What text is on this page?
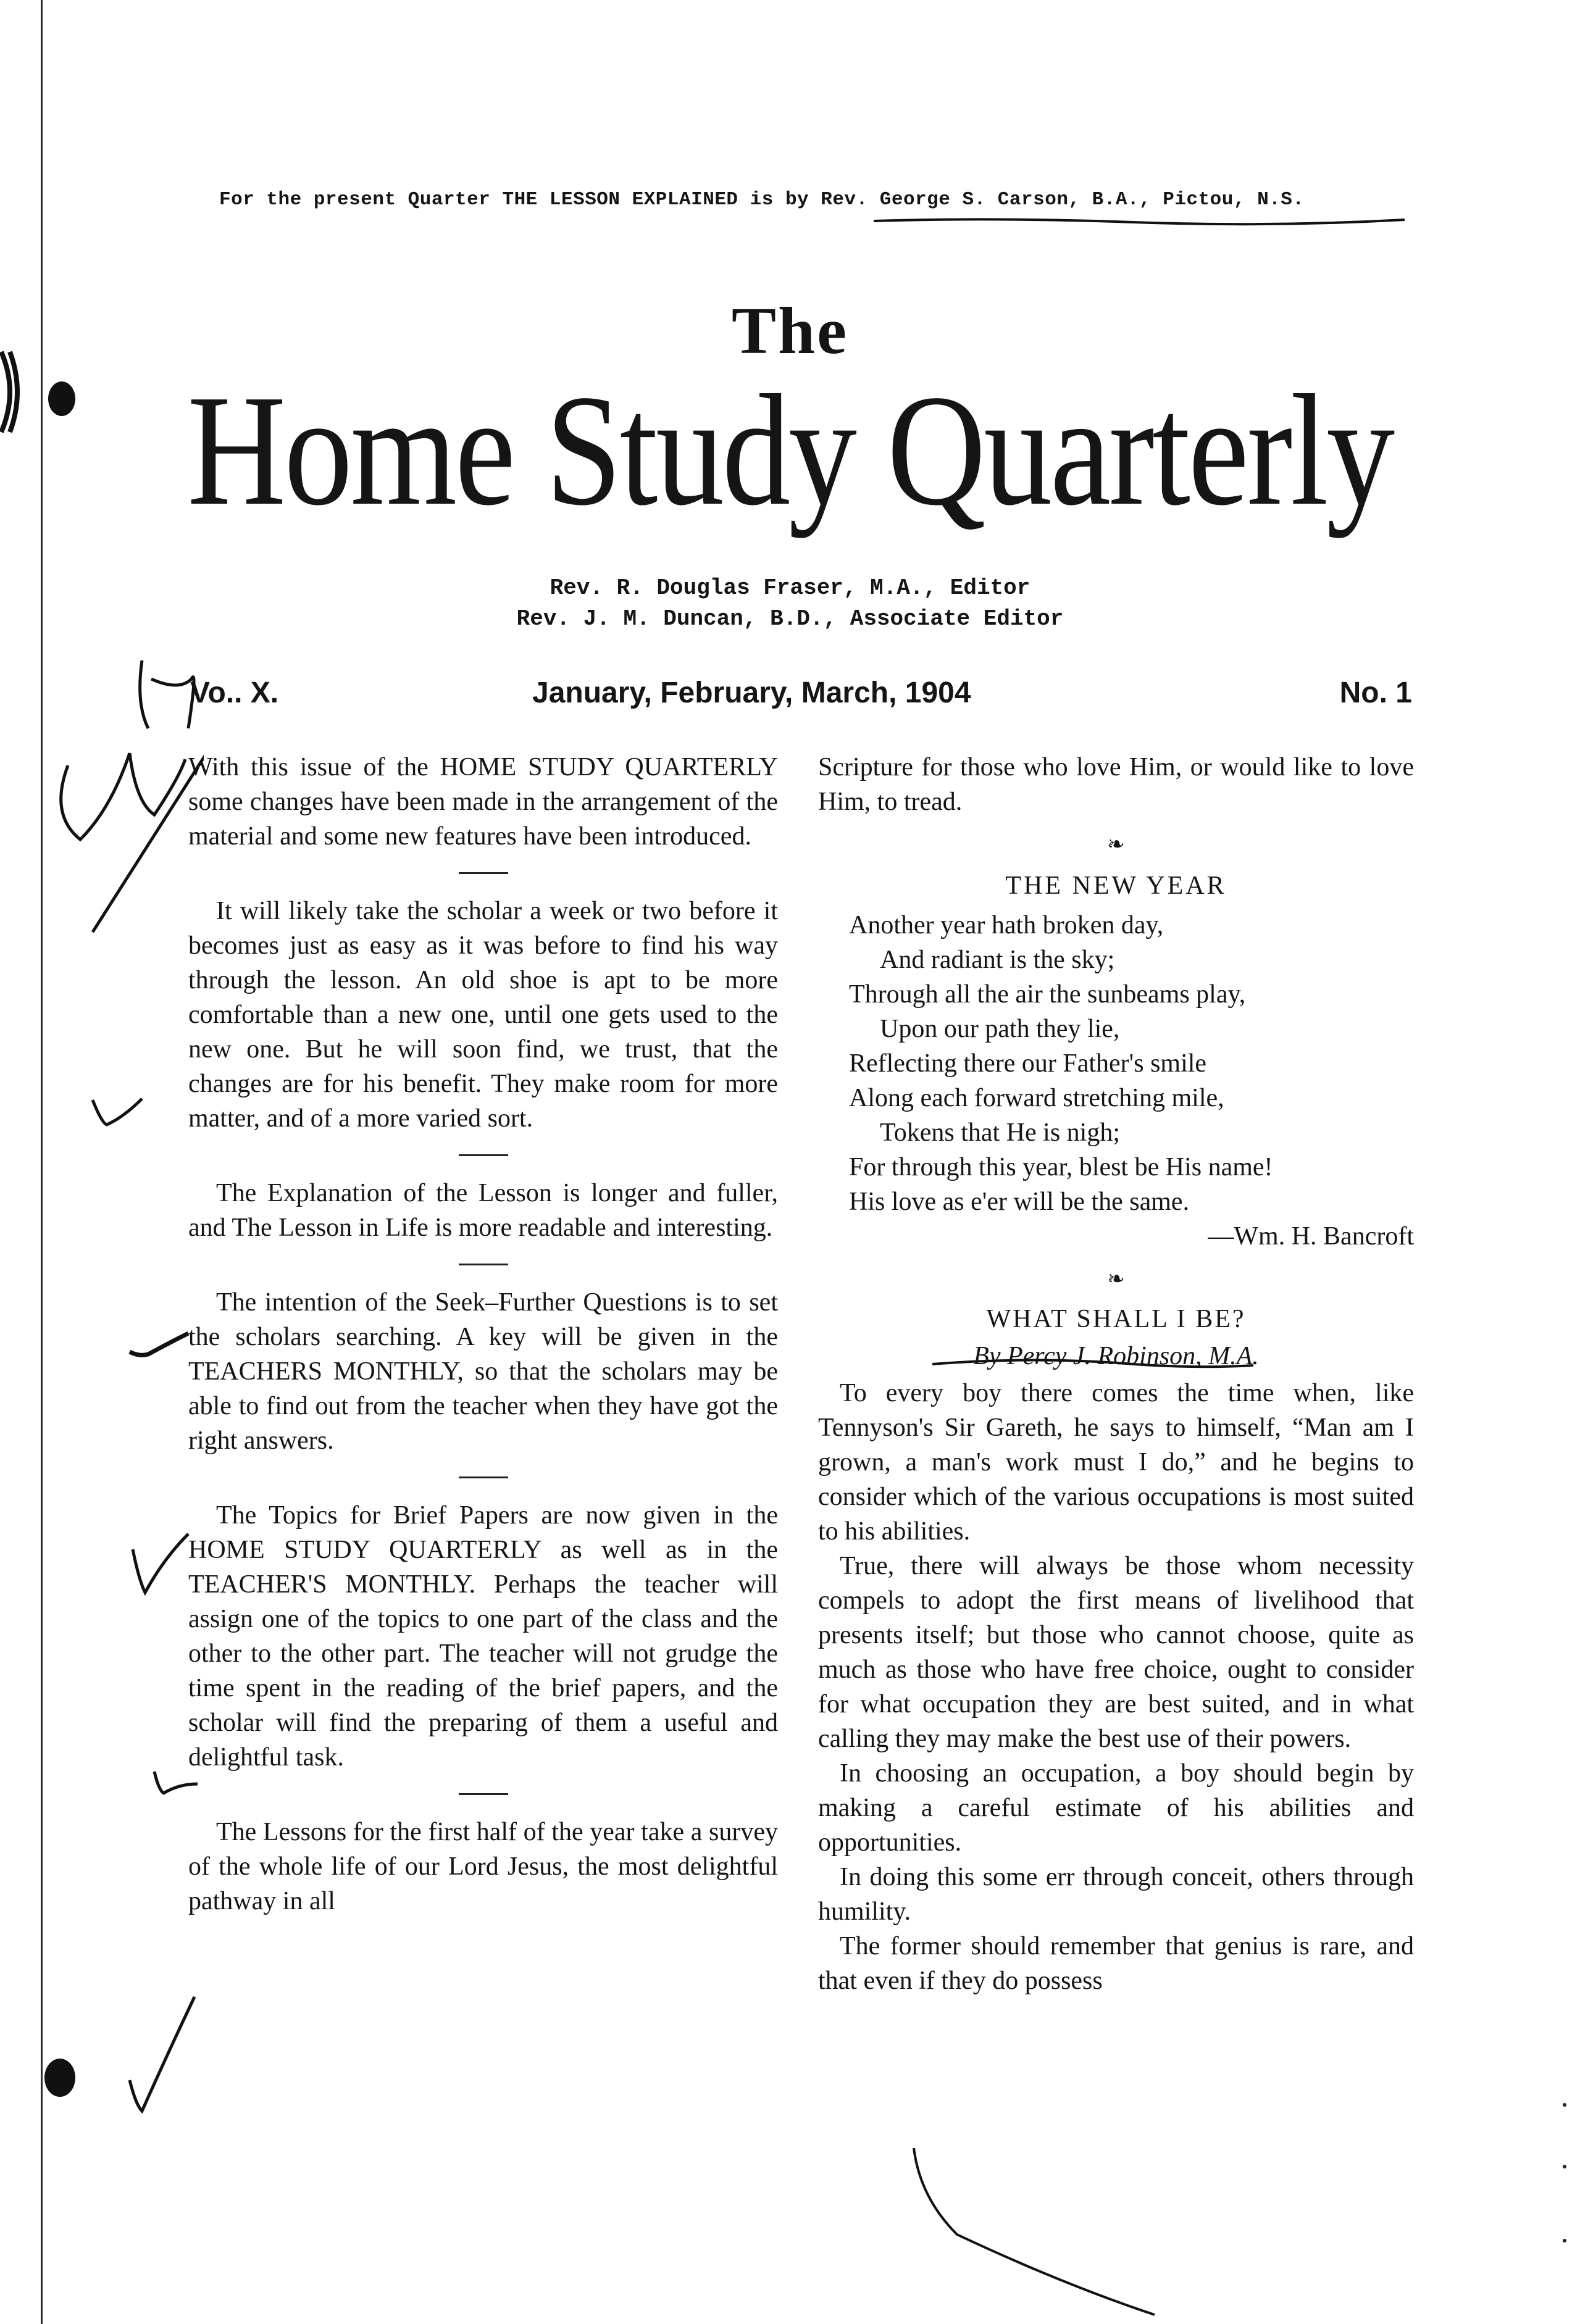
For the present Quarter THE LESSON EXPLAINED is by Rev. George S. Carson, B.A., Pictou, N.S.
The
Home Study Quarterly
Rev. R. Douglas Fraser, M.A., Editor
Rev. J. M. Duncan, B.D., Associate Editor
Vo.. X.	January, February, March, 1904	No. 1

With this issue of the HOME STUDY QUARTERLY some changes have been made in the arrangement of the material and some new features have been introduced.

It will likely take the scholar a week or two before it becomes just as easy as it was before to find his way through the lesson. An old shoe is apt to be more comfortable than a new one, until one gets used to the new one. But he will soon find, we trust, that the changes are for his benefit. They make room for more matter, and of a more varied sort.

The Explanation of the Lesson is longer and fuller, and The Lesson in Life is more readable and interesting.

The intention of the Seek–Further Questions is to set the scholars searching. A key will be given in the TEACHERS MONTHLY, so that the scholars may be able to find out from the teacher when they have got the right answers.

The Topics for Brief Papers are now given in the HOME STUDY QUARTERLY as well as in the TEACHER'S MONTHLY. Perhaps the teacher will assign one of the topics to one part of the class and the other to the other part. The teacher will not grudge the time spent in the reading of the brief papers, and the scholar will find the preparing of them a useful and delightful task.

The Lessons for the first half of the year take a survey of the whole life of our Lord Jesus, the most delightful pathway in all

Scripture for those who love Him, or would like to love Him, to tread.

❧
THE NEW YEAR
Another year hath broken day,
And radiant is the sky;
Through all the air the sunbeams play,
Upon our path they lie,
Reflecting there our Father's smile
Along each forward stretching mile,
Tokens that He is nigh;
For through this year, blest be His name!
His love as e'er will be the same.

—Wm. H. Bancroft

❧
WHAT SHALL I BE?
By Percy J. Robinson, M.A.

To every boy there comes the time when, like Tennyson's Sir Gareth, he says to himself, “Man am I grown, a man's work must I do,” and he begins to consider which of the various occupations is most suited to his abilities.

True, there will always be those whom necessity compels to adopt the first means of livelihood that presents itself; but those who cannot choose, quite as much as those who have free choice, ought to consider for what occupation they are best suited, and in what calling they may make the best use of their powers.

In choosing an occupation, a boy should begin by making a careful estimate of his abilities and opportunities.

In doing this some err through conceit, others through humility.

The former should remember that genius is rare, and that even if they do possess
